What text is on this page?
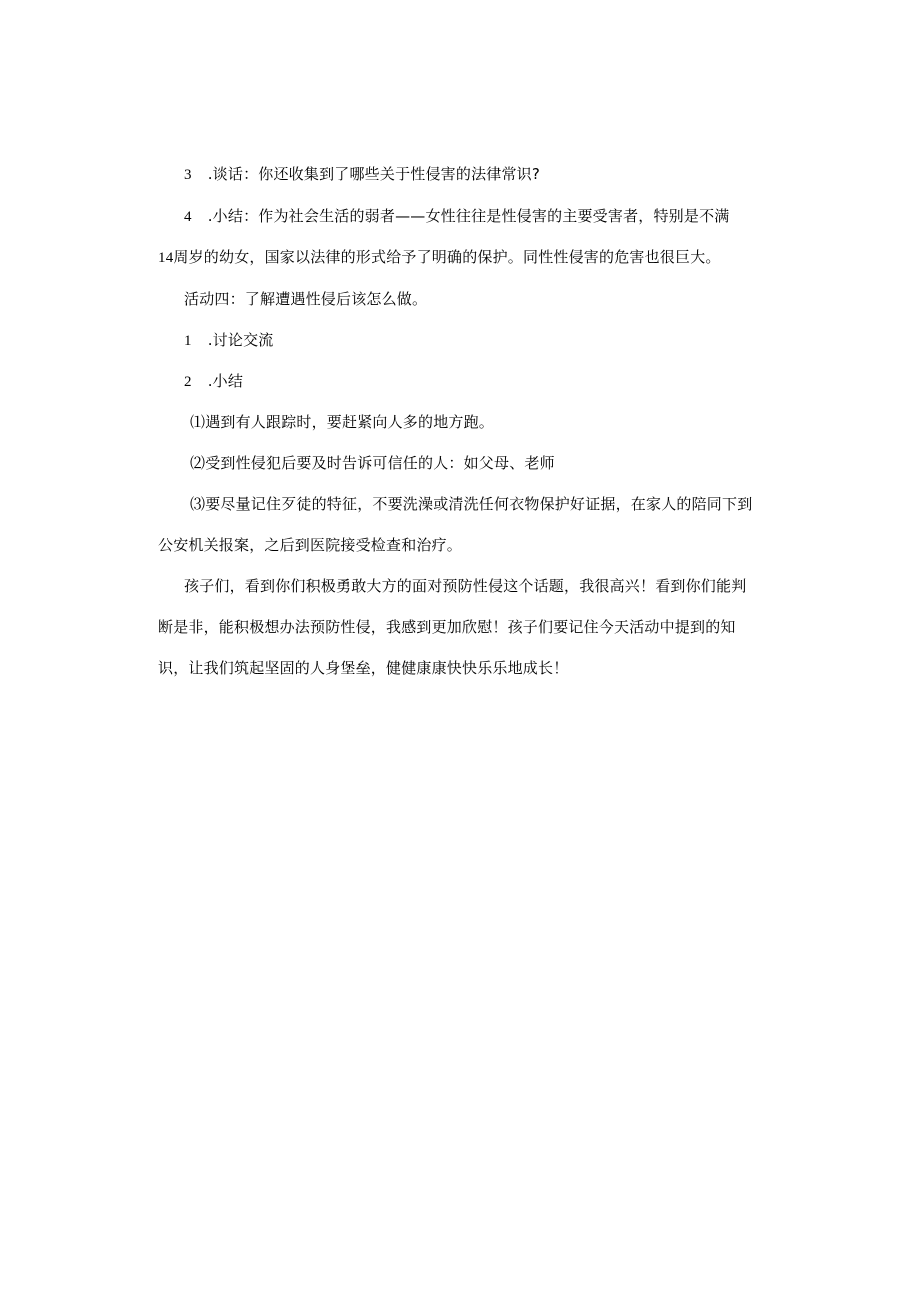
3 .谈话：你还收集到了哪些关于性侵害的法律常识?
4 .小结：作为社会生活的弱者——女性往往是性侵害的主要受害者，特别是不满
14周岁的幼女，国家以法律的形式给予了明确的保护。同性性侵害的危害也很巨大。
活动四：了解遭遇性侵后该怎么做。
1 .讨论交流
2 .小结
⑴遇到有人跟踪时，要赶紧向人多的地方跑。
⑵受到性侵犯后要及时告诉可信任的人：如父母、老师
⑶要尽量记住歹徒的特征，不要洗澡或清洗任何衣物保护好证据，在家人的陪同下到
公安机关报案，之后到医院接受检查和治疗。
孩子们，看到你们积极勇敢大方的面对预防性侵这个话题，我很高兴！看到你们能判
断是非，能积极想办法预防性侵，我感到更加欣慰！孩子们要记住今天活动中提到的知
识，让我们筑起坚固的人身堡垒，健健康康快快乐乐地成长！
